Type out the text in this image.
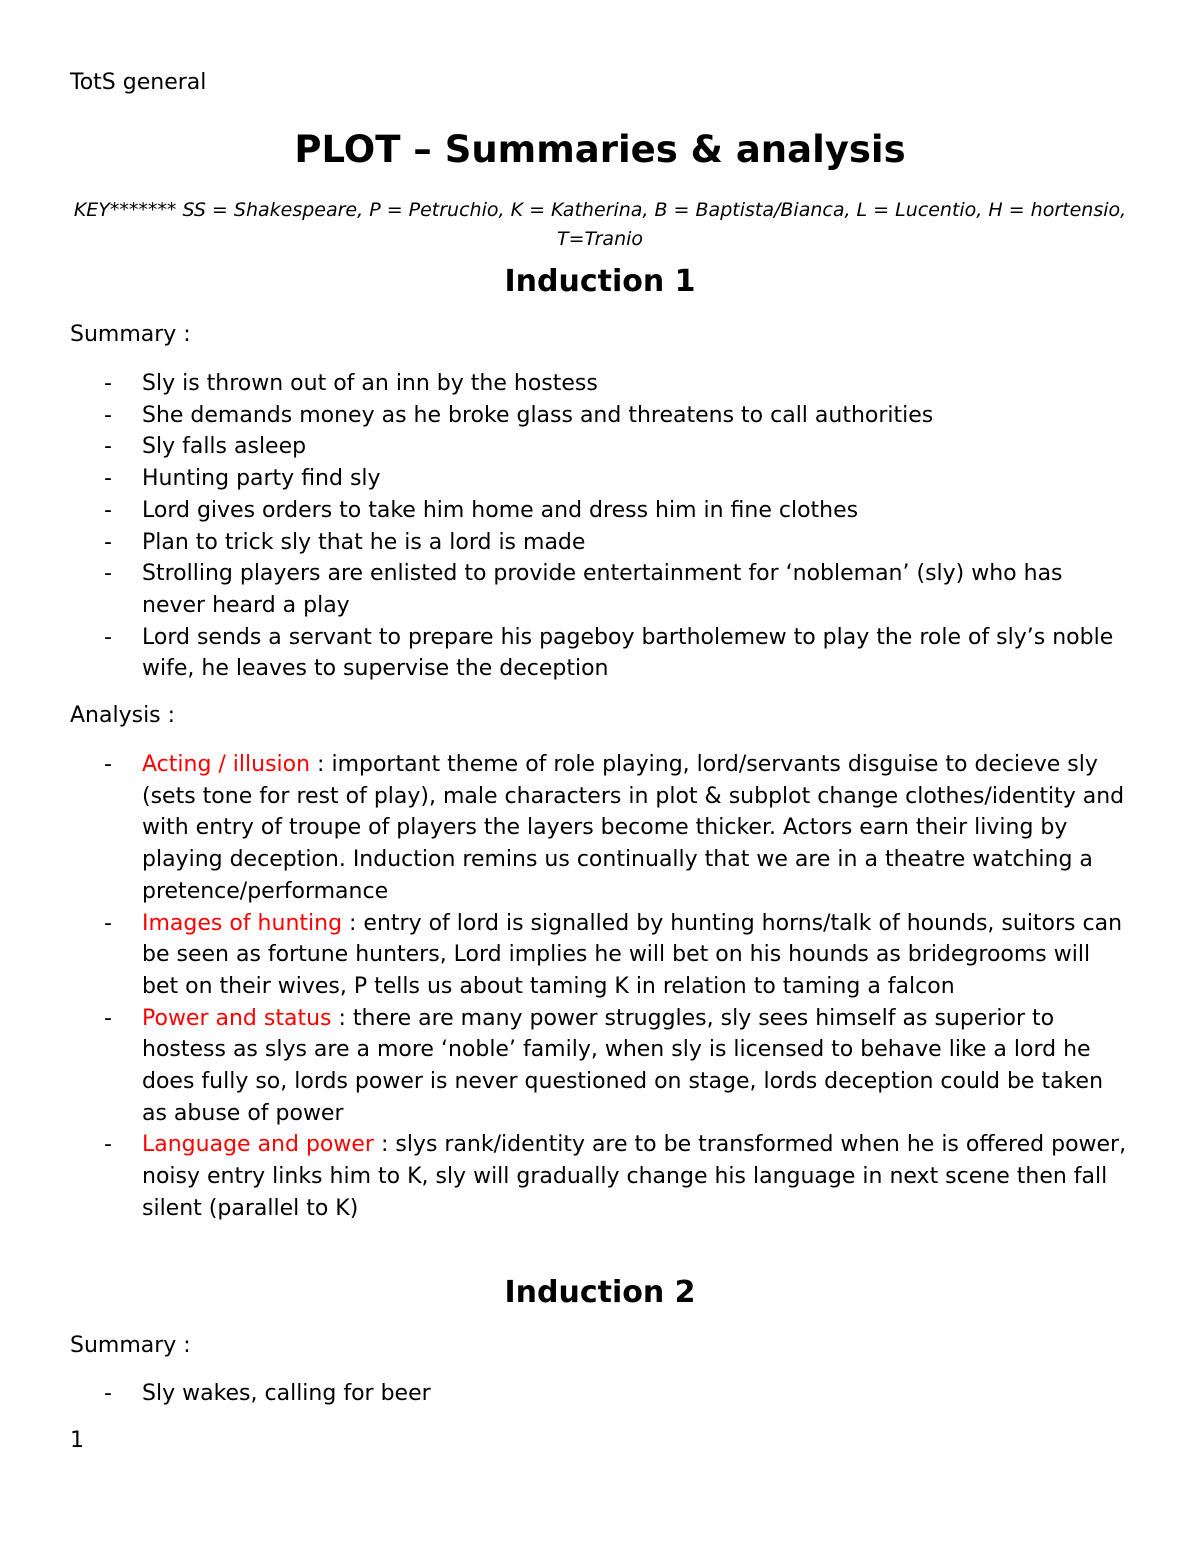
TotS general
PLOT – Summaries & analysis

KEY******* SS = Shakespeare, P = Petruchio, K = Katherina, B = Baptista/Bianca, L = Lucentio, H = hortensio, T=Tranio

Induction 1

Summary :

- Sly is thrown out of an inn by the hostess
- She demands money as he broke glass and threatens to call authorities
- Sly falls asleep
- Hunting party find sly
- Lord gives orders to take him home and dress him in fine clothes
- Plan to trick sly that he is a lord is made
- Strolling players are enlisted to provide entertainment for ‘nobleman’ (sly) who has never heard a play
- Lord sends a servant to prepare his pageboy bartholemew to play the role of sly’s noble wife, he leaves to supervise the deception

Analysis :

- Acting / illusion : important theme of role playing, lord/servants disguise to decieve sly (sets tone for rest of play), male characters in plot & subplot change clothes/identity and with entry of troupe of players the layers become thicker. Actors earn their living by playing deception. Induction remins us continually that we are in a theatre watching a pretence/performance
- Images of hunting : entry of lord is signalled by hunting horns/talk of hounds, suitors can be seen as fortune hunters, Lord implies he will bet on his hounds as bridegrooms will bet on their wives, P tells us about taming K in relation to taming a falcon
- Power and status : there are many power struggles, sly sees himself as superior to hostess as slys are a more ‘noble’ family, when sly is licensed to behave like a lord he does fully so, lords power is never questioned on stage, lords deception could be taken as abuse of power
- Language and power : slys rank/identity are to be transformed when he is offered power, noisy entry links him to K, sly will gradually change his language in next scene then fall silent (parallel to K)
Induction 2

Summary :

- Sly wakes, calling for beer
1
